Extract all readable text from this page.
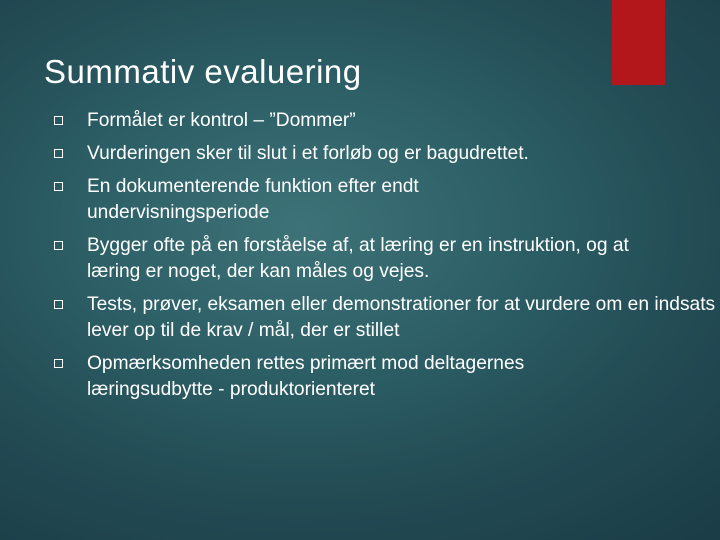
Summativ evaluering
Formålet er kontrol – ”Dommer”
Vurderingen sker til slut i et forløb og er bagudrettet.
En dokumenterende funktion efter endt undervisningsperiode
Bygger ofte på en forståelse af, at læring er en instruktion, og at læring er noget, der kan måles og vejes.
Tests, prøver, eksamen eller demonstrationer for at vurdere om en indsats lever op til de krav / mål, der er stillet
Opmærksomheden rettes primært mod deltagernes læringsudbytte - produktorienteret
